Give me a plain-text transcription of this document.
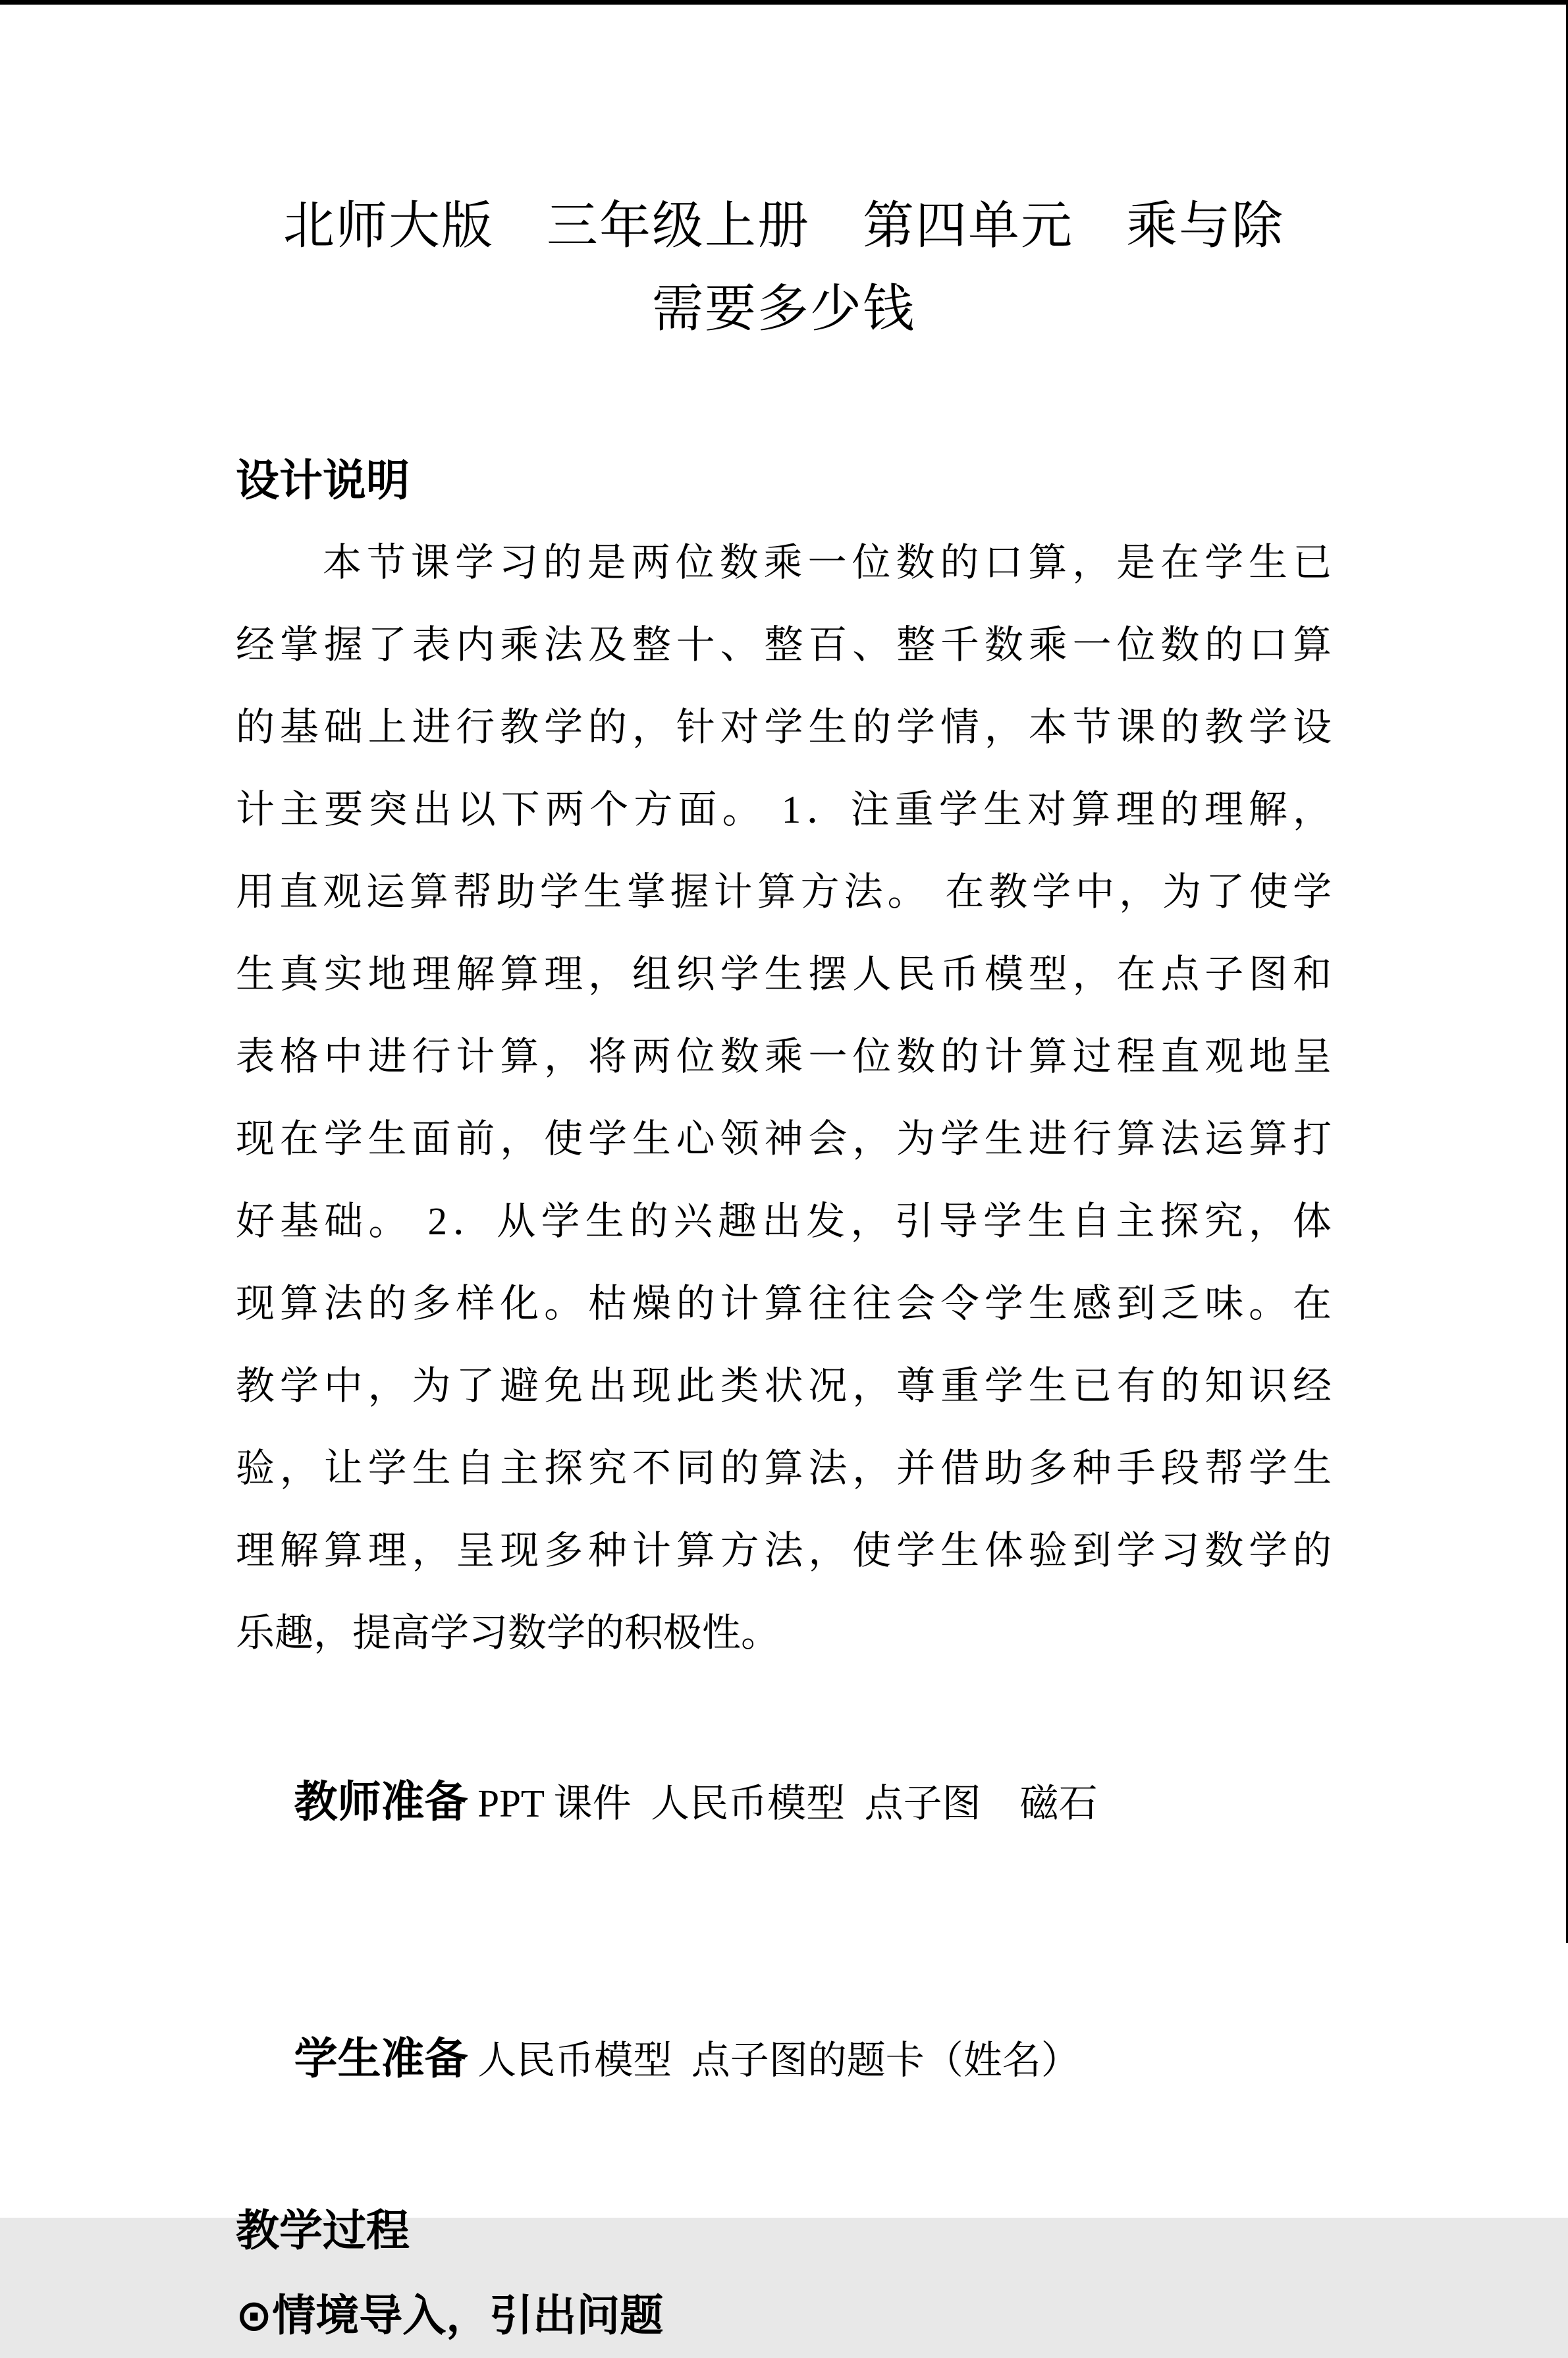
北师大版　三年级上册　第四单元　乘与除
需要多少钱
设计说明
本节课学习的是两位数乘一位数的口算，是在学生已
经掌握了表内乘法及整十、整百、整千数乘一位数的口算
的基础上进行教学的，针对学生的学情，本节课的教学设
计主要突出以下两个方面。 1．注重学生对算理的理解，
用直观运算帮助学生掌握计算方法。 在教学中，为了使学
生真实地理解算理，组织学生摆人民币模型，在点子图和
表格中进行计算，将两位数乘一位数的计算过程直观地呈
现在学生面前，使学生心领神会，为学生进行算法运算打
好基础。 2．从学生的兴趣出发，引导学生自主探究，体
现算法的多样化。枯燥的计算往往会令学生感到乏味。在
教学中，为了避免出现此类状况，尊重学生已有的知识经
验，让学生自主探究不同的算法，并借助多种手段帮学生
理解算理，呈现多种计算方法，使学生体验到学习数学的
乐趣，提高学习数学的积极性。

教师准备 PPT 课件  人民币模型  点子图    磁石

学生准备 人民币模型  点子图的题卡（姓名）

教学过程
⊙情境导入，引出问题
